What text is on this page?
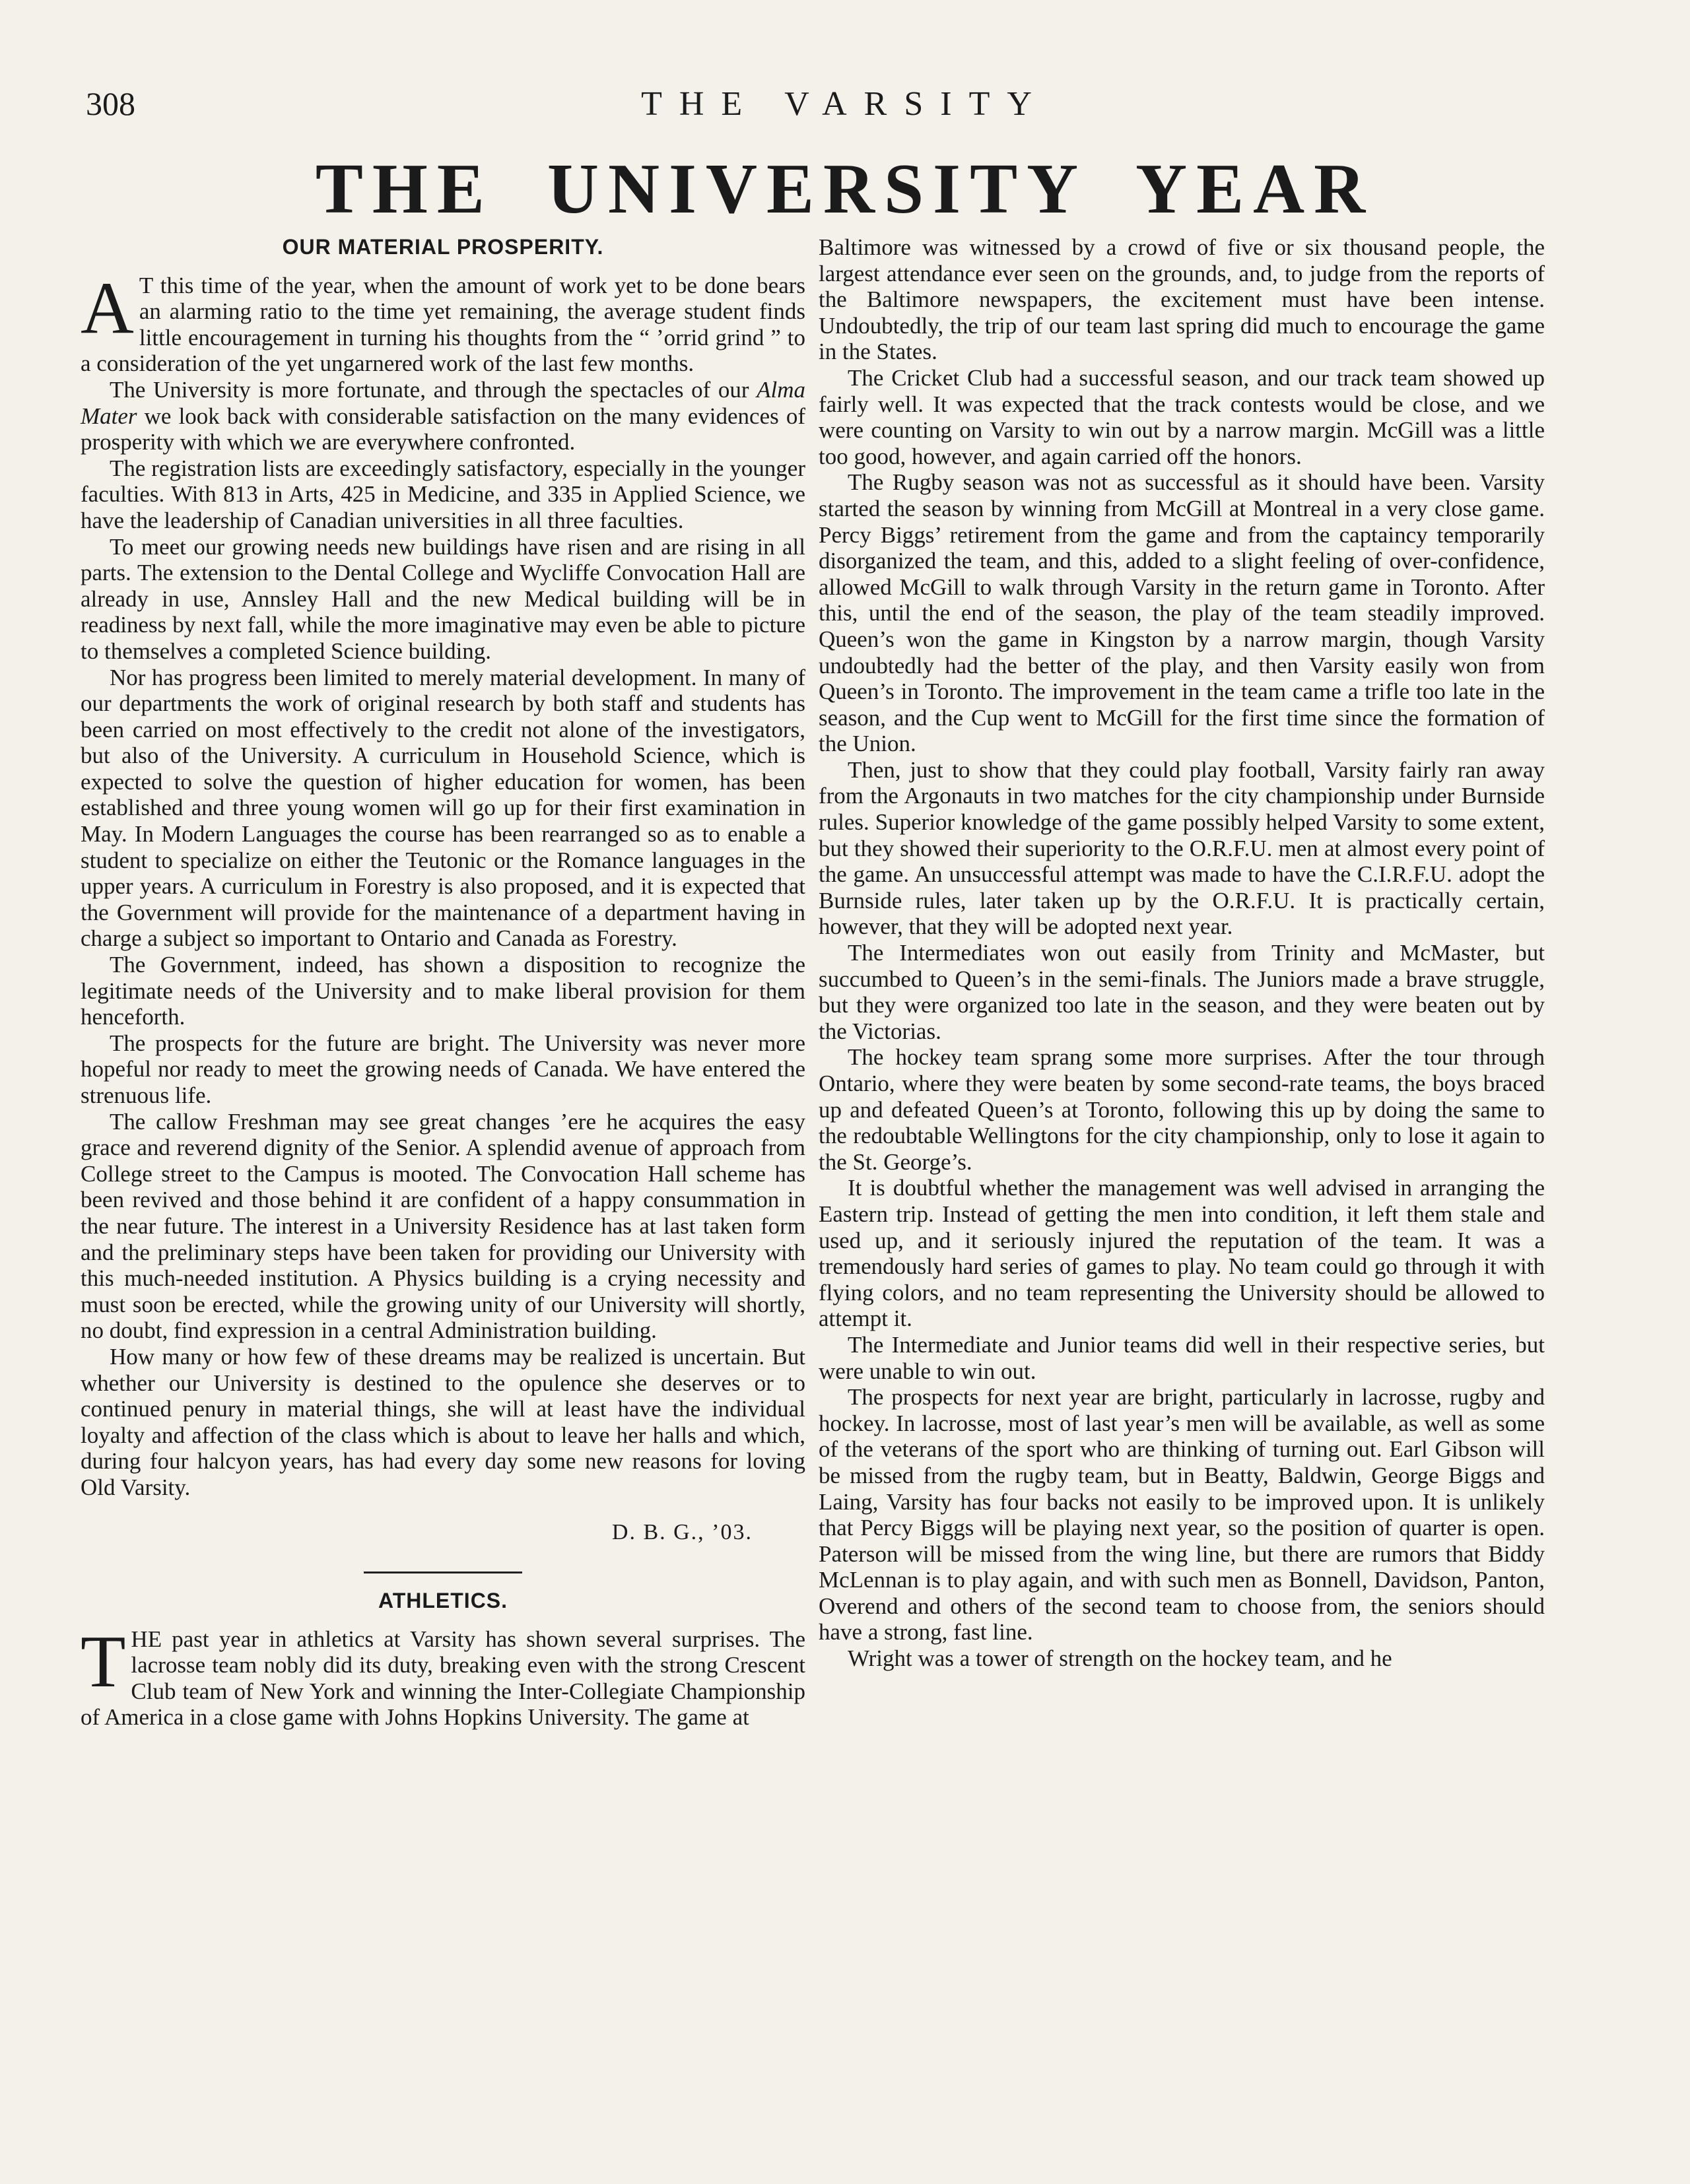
308	THE VARSITY
THE UNIVERSITY YEAR
OUR MATERIAL PROSPERITY.

A T this time of the year, when the amount of work yet to be done bears an alarming ratio to the time yet remaining, the average student finds little encouragement in turning his thoughts from the “ ’orrid grind ” to a consideration of the yet ungarnered work of the last few months.

The University is more fortunate, and through the spectacles of our Alma Mater we look back with considerable satisfaction on the many evidences of prosperity with which we are everywhere confronted.

The registration lists are exceedingly satisfactory, especially in the younger faculties. With 813 in Arts, 425 in Medicine, and 335 in Applied Science, we have the leadership of Canadian universities in all three faculties.

To meet our growing needs new buildings have risen and are rising in all parts. The extension to the Dental College and Wycliffe Convocation Hall are already in use, Annsley Hall and the new Medical building will be in readiness by next fall, while the more imaginative may even be able to picture to themselves a completed Science building.

Nor has progress been limited to merely material development. In many of our departments the work of original research by both staff and students has been carried on most effectively to the credit not alone of the investigators, but also of the University. A curriculum in Household Science, which is expected to solve the question of higher education for women, has been established and three young women will go up for their first examination in May. In Modern Languages the course has been rearranged so as to enable a student to specialize on either the Teutonic or the Romance languages in the upper years. A curriculum in Forestry is also proposed, and it is expected that the Government will provide for the maintenance of a department having in charge a subject so important to Ontario and Canada as Forestry.

The Government, indeed, has shown a disposition to recognize the legitimate needs of the University and to make liberal provision for them henceforth.

The prospects for the future are bright. The University was never more hopeful nor ready to meet the growing needs of Canada. We have entered the strenuous life.

The callow Freshman may see great changes ’ere he acquires the easy grace and reverend dignity of the Senior. A splendid avenue of approach from College street to the Campus is mooted. The Convocation Hall scheme has been revived and those behind it are confident of a happy consummation in the near future. The interest in a University Residence has at last taken form and the preliminary steps have been taken for providing our University with this much-needed institution. A Physics building is a crying necessity and must soon be erected, while the growing unity of our University will shortly, no doubt, find expression in a central Administration building.

How many or how few of these dreams may be realized is uncertain. But whether our University is destined to the opulence she deserves or to continued penury in material things, she will at least have the individual loyalty and affection of the class which is about to leave her halls and which, during four halcyon years, has had every day some new reasons for loving Old Varsity.

D. B. G., ’03.
ATHLETICS.

THE past year in athletics at Varsity has shown several surprises. The lacrosse team nobly did its duty, breaking even with the strong Crescent Club team of New York and winning the Inter-Collegiate Championship of America in a close game with Johns Hopkins University. The game at

Baltimore was witnessed by a crowd of five or six thousand people, the largest attendance ever seen on the grounds, and, to judge from the reports of the Baltimore newspapers, the excitement must have been intense. Undoubtedly, the trip of our team last spring did much to encourage the game in the States.

The Cricket Club had a successful season, and our track team showed up fairly well. It was expected that the track contests would be close, and we were counting on Varsity to win out by a narrow margin. McGill was a little too good, however, and again carried off the honors.

The Rugby season was not as successful as it should have been. Varsity started the season by winning from McGill at Montreal in a very close game. Percy Biggs’ retirement from the game and from the captaincy temporarily disorganized the team, and this, added to a slight feeling of over-confidence, allowed McGill to walk through Varsity in the return game in Toronto. After this, until the end of the season, the play of the team steadily improved. Queen’s won the game in Kingston by a narrow margin, though Varsity undoubtedly had the better of the play, and then Varsity easily won from Queen’s in Toronto. The improvement in the team came a trifle too late in the season, and the Cup went to McGill for the first time since the formation of the Union.

Then, just to show that they could play football, Varsity fairly ran away from the Argonauts in two matches for the city championship under Burnside rules. Superior knowledge of the game possibly helped Varsity to some extent, but they showed their superiority to the O.R.F.U. men at almost every point of the game. An unsuccessful attempt was made to have the C.I.R.F.U. adopt the Burnside rules, later taken up by the O.R.F.U. It is practically certain, however, that they will be adopted next year.

The Intermediates won out easily from Trinity and McMaster, but succumbed to Queen’s in the semi-finals. The Juniors made a brave struggle, but they were organized too late in the season, and they were beaten out by the Victorias.

The hockey team sprang some more surprises. After the tour through Ontario, where they were beaten by some second-rate teams, the boys braced up and defeated Queen’s at Toronto, following this up by doing the same to the redoubtable Wellingtons for the city championship, only to lose it again to the St. George’s.

It is doubtful whether the management was well advised in arranging the Eastern trip. Instead of getting the men into condition, it left them stale and used up, and it seriously injured the reputation of the team. It was a tremendously hard series of games to play. No team could go through it with flying colors, and no team representing the University should be allowed to attempt it.

The Intermediate and Junior teams did well in their respective series, but were unable to win out.

The prospects for next year are bright, particularly in lacrosse, rugby and hockey. In lacrosse, most of last year’s men will be available, as well as some of the veterans of the sport who are thinking of turning out. Earl Gibson will be missed from the rugby team, but in Beatty, Baldwin, George Biggs and Laing, Varsity has four backs not easily to be improved upon. It is unlikely that Percy Biggs will be playing next year, so the position of quarter is open. Paterson will be missed from the wing line, but there are rumors that Biddy McLennan is to play again, and with such men as Bonnell, Davidson, Panton, Overend and others of the second team to choose from, the seniors should have a strong, fast line.

Wright was a tower of strength on the hockey team, and he
